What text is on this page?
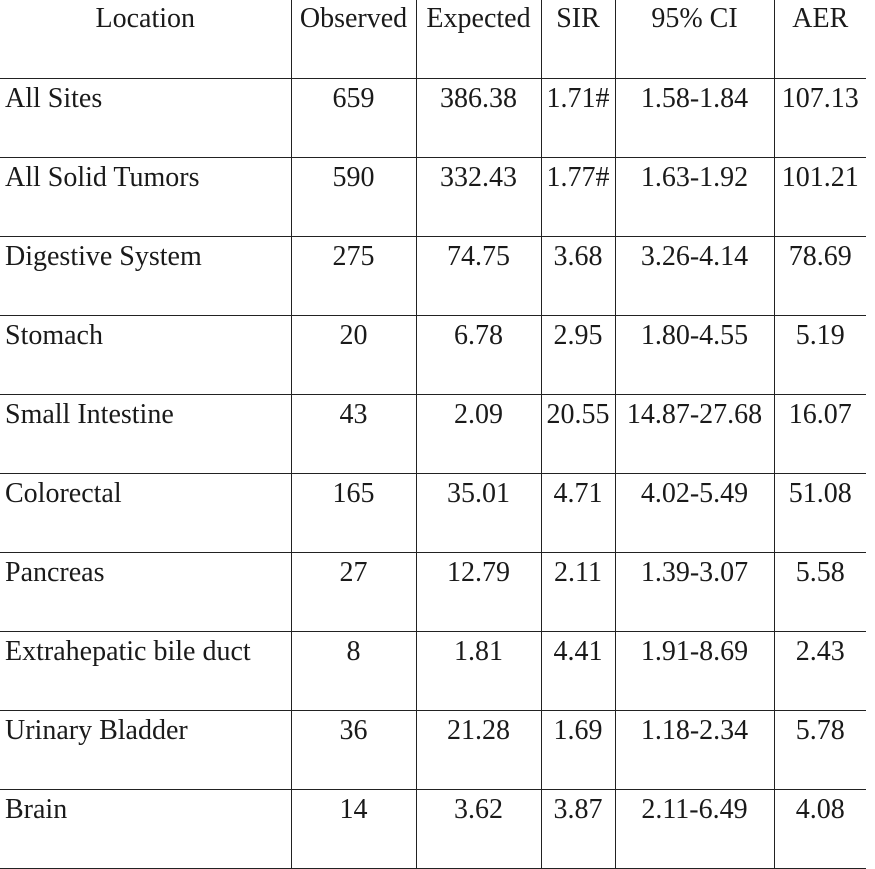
Location	Observed	Expected	SIR	95% CI	AER
All Sites	659	386.38	1.71#	1.58-1.84	107.13
All Solid Tumors	590	332.43	1.77#	1.63-1.92	101.21
Digestive System	275	74.75	3.68	3.26-4.14	78.69
Stomach	20	6.78	2.95	1.80-4.55	5.19
Small Intestine	43	2.09	20.55	14.87-27.68	16.07
Colorectal	165	35.01	4.71	4.02-5.49	51.08
Pancreas	27	12.79	2.11	1.39-3.07	5.58
Extrahepatic bile duct	8	1.81	4.41	1.91-8.69	2.43
Urinary Bladder	36	21.28	1.69	1.18-2.34	5.78
Brain	14	3.62	3.87	2.11-6.49	4.08
